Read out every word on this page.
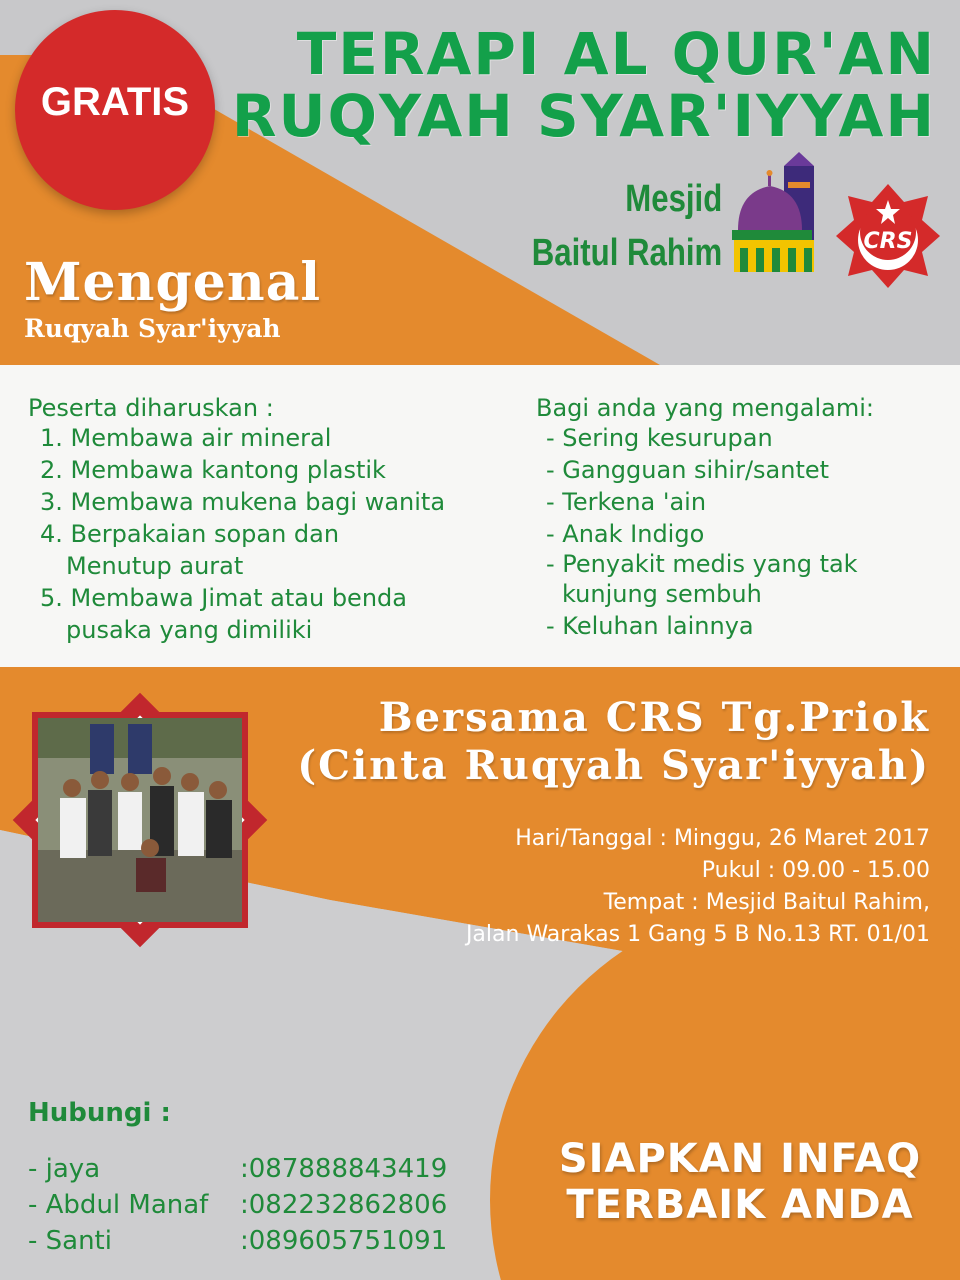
GRATIS
TERAPI AL QUR'AN
RUQYAH SYAR'IYYAH
Mesjid
Baitul Rahim	CRS
Mengenal
Ruqyah Syar'iyyah
Peserta diharuskan :
1. Membawa air mineral
2. Membawa kantong plastik
3. Membawa mukena bagi wanita
4. Berpakaian sopan dan
Menutup aurat
5. Membawa Jimat atau benda
pusaka yang dimiliki
Bagi anda yang mengalami:
- Sering kesurupan
- Gangguan sihir/santet
- Terkena 'ain
- Anak Indigo
- Penyakit medis yang tak
kunjung sembuh
- Keluhan lainnya
Bersama CRS Tg.Priok
(Cinta Ruqyah Syar'iyyah)
Hari/Tanggal : Minggu, 26 Maret 2017
Pukul : 09.00 - 15.00
Tempat : Mesjid Baitul Rahim,
Jalan Warakas 1 Gang 5 B No.13 RT. 01/01
Hubungi :
- jaya	:087888843419
- Abdul Manaf :082232862806
- Santi	:089605751091
SIAPKAN INFAQ
TERBAIK ANDA
